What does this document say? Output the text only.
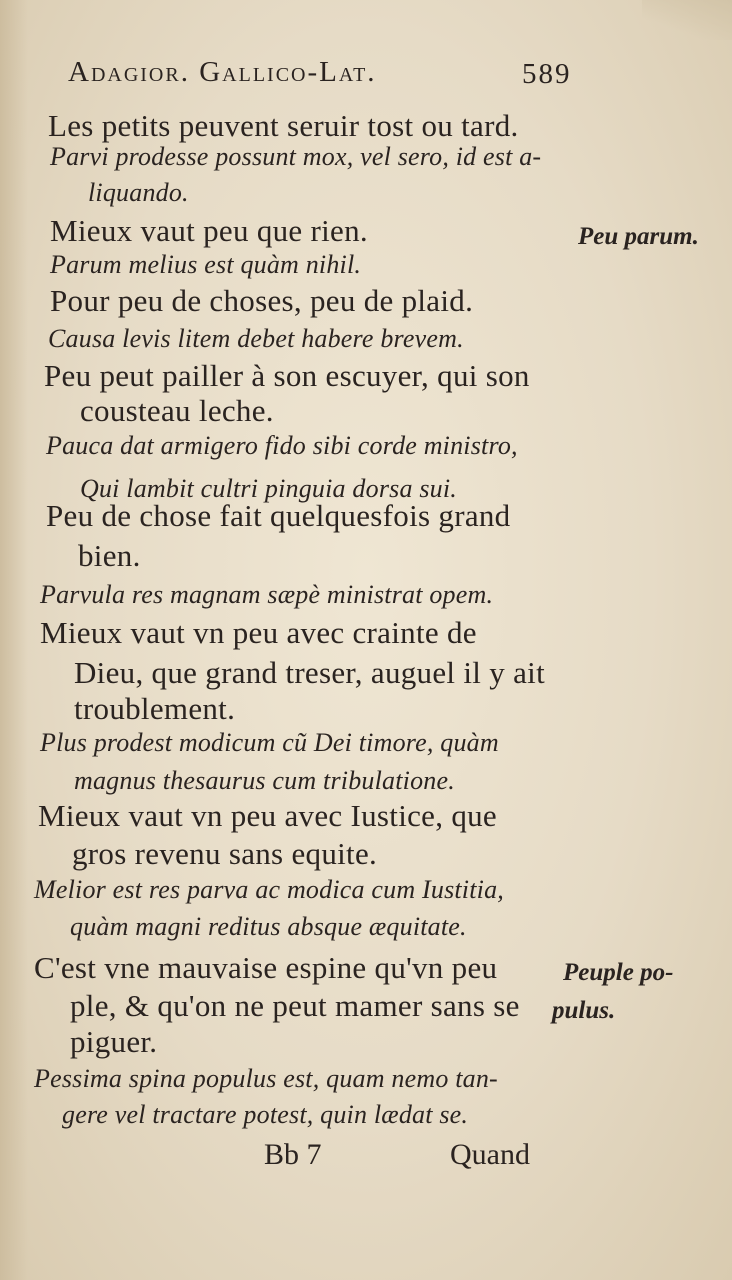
Adagior. Gallico-Lat.	589
Les petits peuvent seruir tost ou tard.
Parvi prodesse possunt mox, vel sero, id est a-
liquando.
Mieux vaut peu que rien.	Peu parum.
Parum melius est quàm nihil.
Pour peu de choses, peu de plaid.
Causa levis litem debet habere brevem.
Peu peut pailler à son escuyer, qui son
cousteau leche.
Pauca dat armigero fido sibi corde ministro,
Qui lambit cultri pinguia dorsa sui.
Peu de chose fait quelquesfois grand
bien.
Parvula res magnam sæpè ministrat opem.
Mieux vaut vn peu avec crainte de
Dieu, que grand treser, auguel il y ait
troublement.
Plus prodest modicum cũ Dei timore, quàm
magnus thesaurus cum tribulatione.
Mieux vaut vn peu avec Iustice, que
gros revenu sans equite.
Melior est res parva ac modica cum Iustitia,
quàm magni reditus absque æquitate.
C'est vne mauvaise espine qu'vn peu	Peuple po-
ple, & qu'on ne peut mamer sans se pulus.
piguer.
Pessima spina populus est, quam nemo tan-
gere vel tractare potest, quin lædat se.
Bb 7	Quand
